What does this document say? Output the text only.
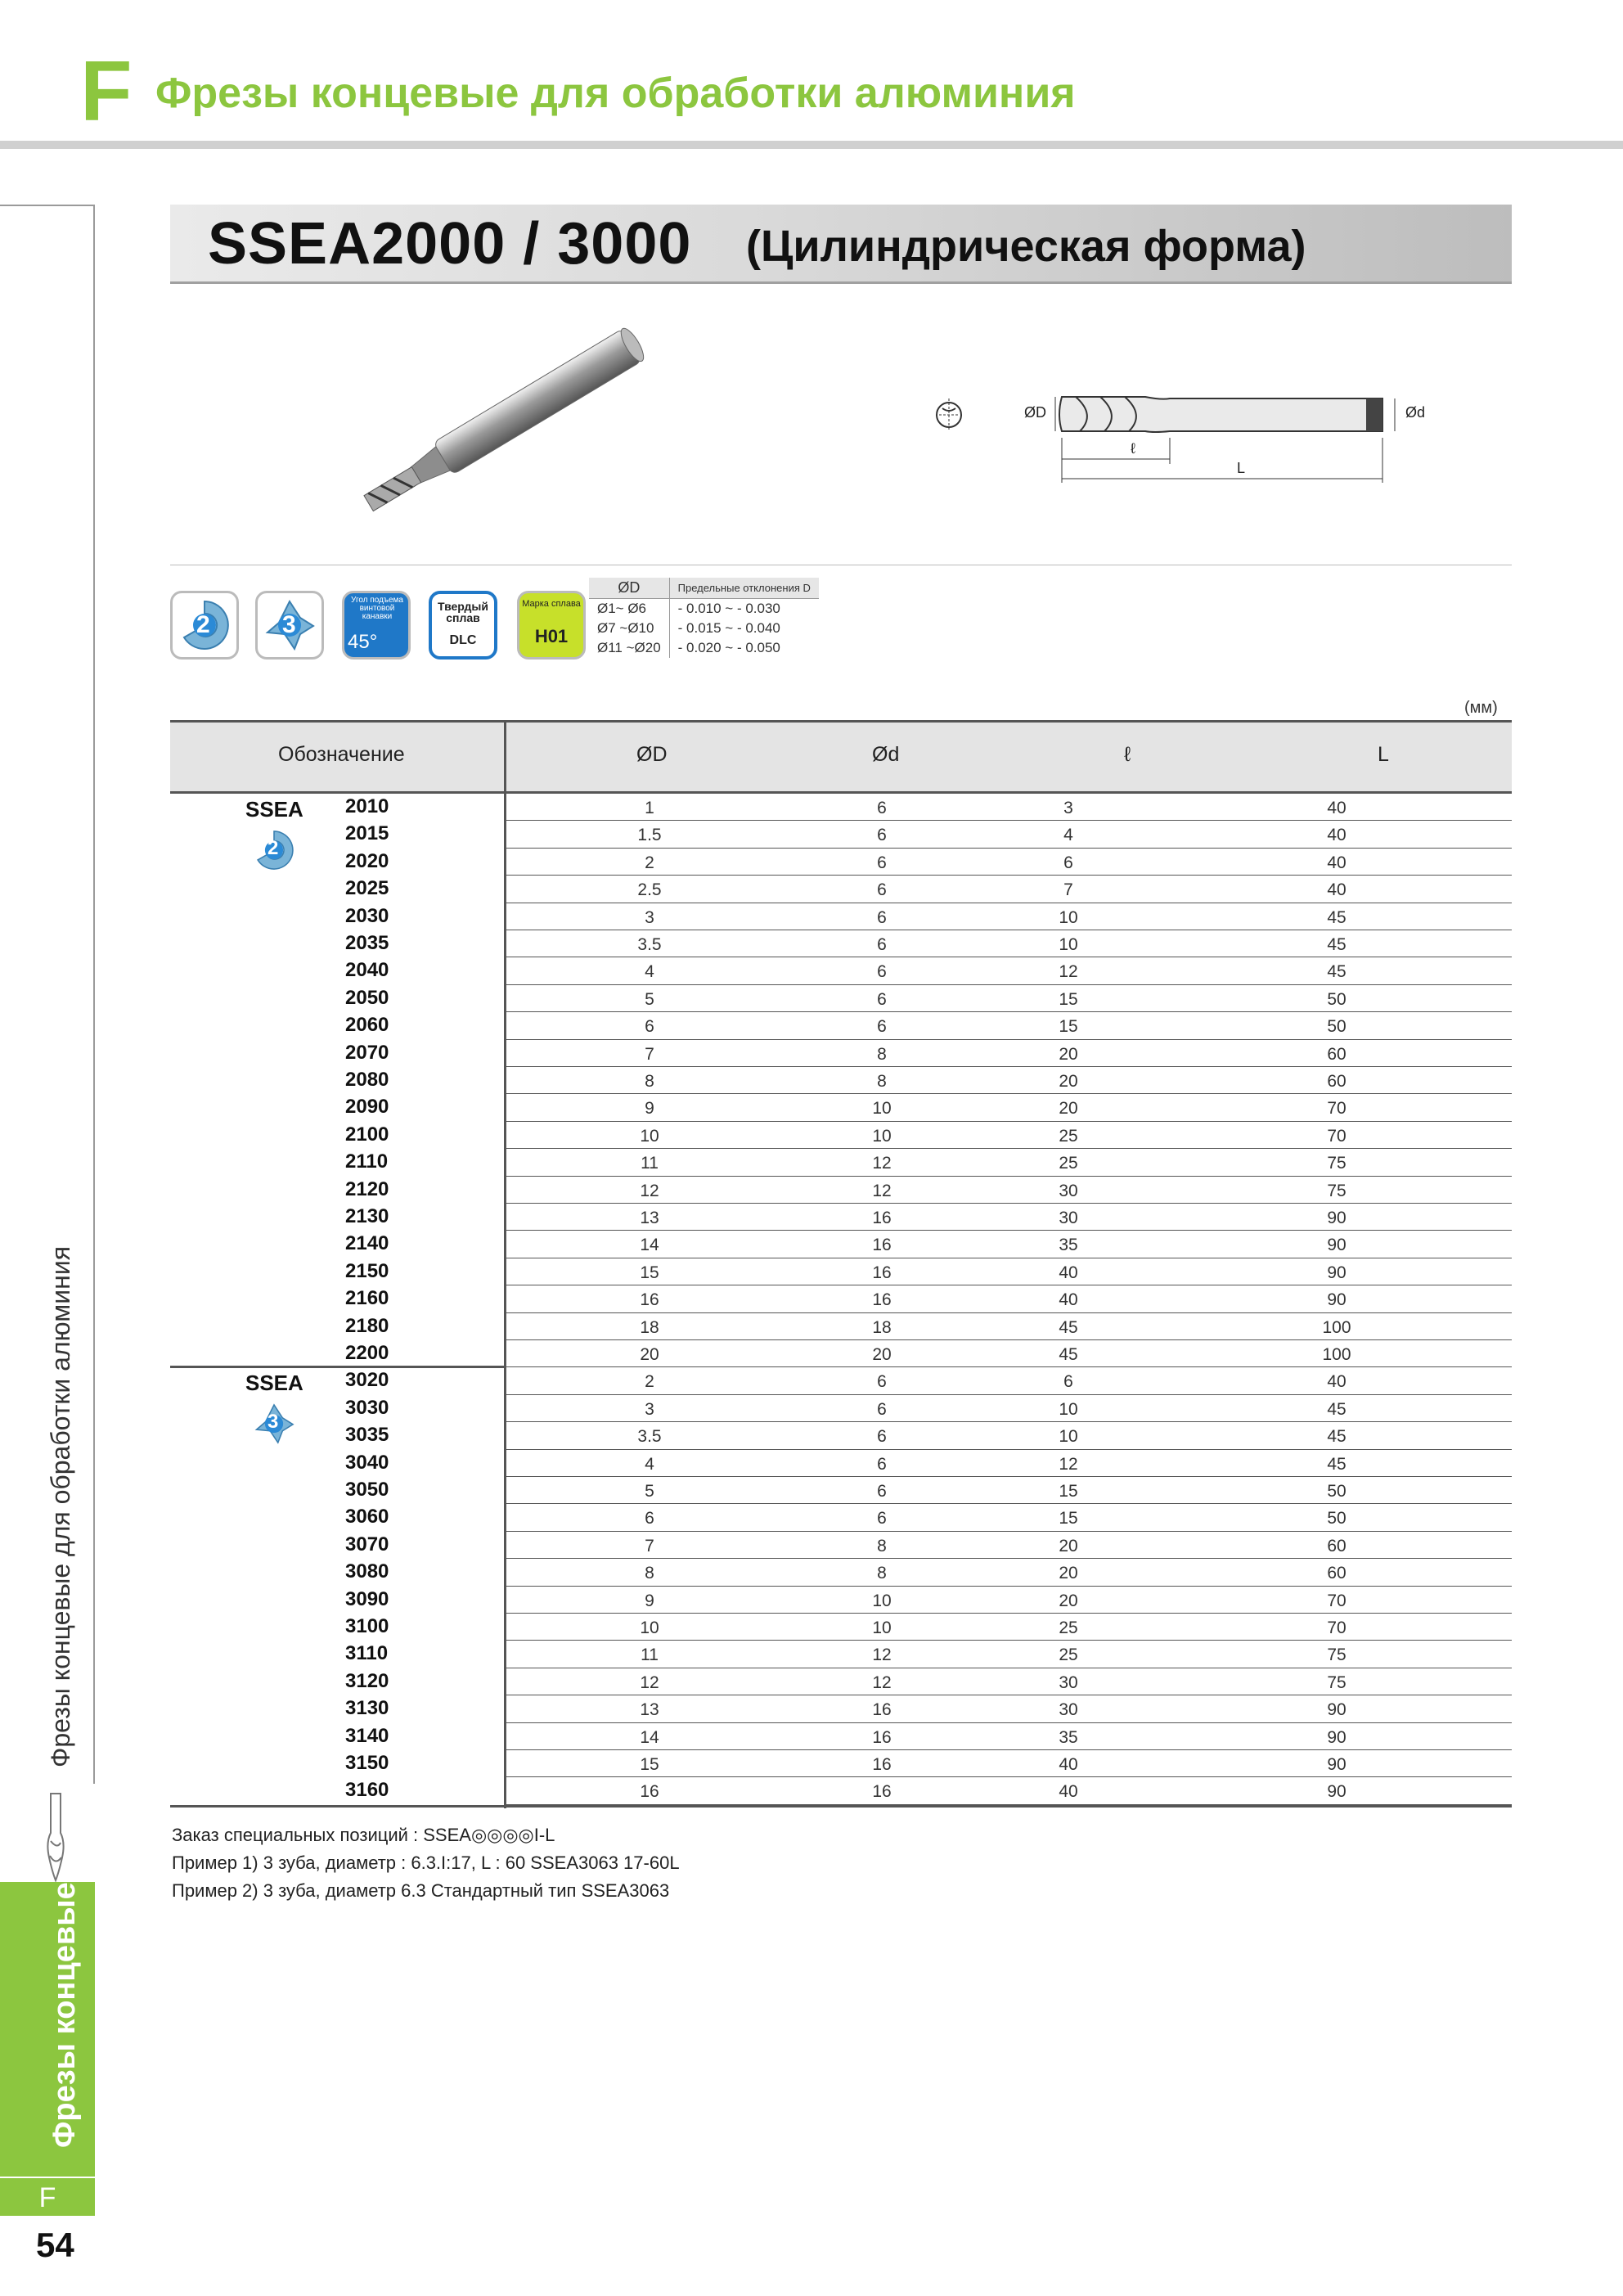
F Фрезы концевые для обработки алюминия
Фрезы концевые для обработки алюминия
Фрезы концевые
F
54
SSEA2000 / 3000 (Цилиндрическая форма)
ØD	Ød
ℓ
L
2	3
Угол подъема винтовой канавки
45°
Твердый сплав
DLC
Марка сплава
H01
ØD	Предельные отклонения D
Ø1~ Ø6	- 0.010 ~ - 0.030
Ø7 ~Ø10	- 0.015 ~ - 0.040
Ø11 ~Ø20	- 0.020 ~ - 0.050
(мм)
Обозначение	ØD	Ød	ℓ	L
SSEA
2
2010	1	6	3	40
2015	1.5	6	4	40
2020	2	6	6	40
2025	2.5	6	7	40
2030	3	6	10	45
2035	3.5	6	10	45
2040	4	6	12	45
2050	5	6	15	50
2060	6	6	15	50
2070	7	8	20	60
2080	8	8	20	60
2090	9	10	20	70
2100	10	10	25	70
2110	11	12	25	75
2120	12	12	30	75
2130	13	16	30	90
2140	14	16	35	90
2150	15	16	40	90
2160	16	16	40	90
2180	18	18	45	100
2200	20	20	45	100
SSEA
3
3020	2	6	6	40
3030	3	6	10	45
3035	3.5	6	10	45
3040	4	6	12	45
3050	5	6	15	50
3060	6	6	15	50
3070	7	8	20	60
3080	8	8	20	60
3090	9	10	20	70
3100	10	10	25	70
3110	11	12	25	75
3120	12	12	30	75
3130	13	16	30	90
3140	14	16	35	90
3150	15	16	40	90
3160	16	16	40	90
Заказ специальных позиций : SSEA◎◎◎◎I-L
Пример 1) 3 зуба, диаметр : 6.3.I:17, L : 60 SSEA3063 17-60L
Пример 2) 3 зуба, диаметр 6.3 Стандартный тип SSEA3063
